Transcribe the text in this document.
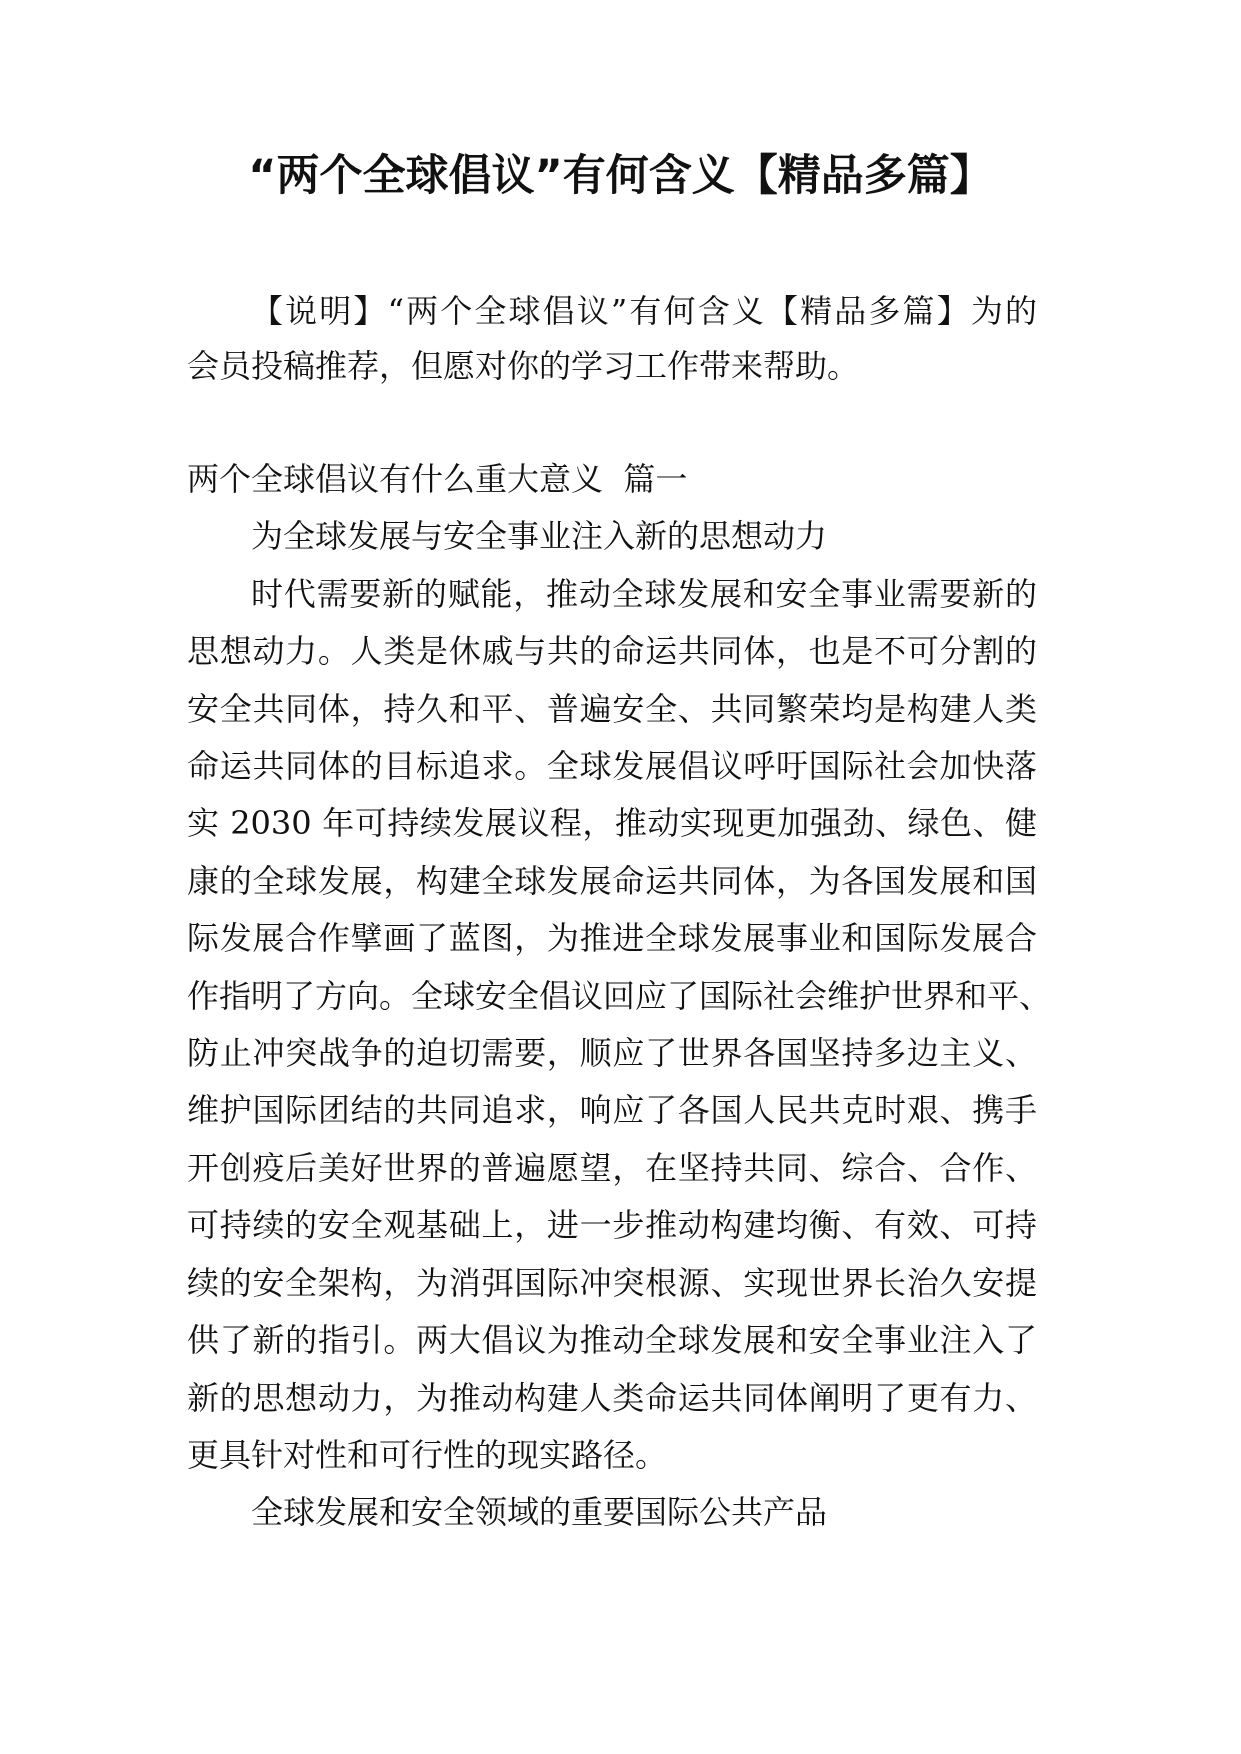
“两个全球倡议”有何含义【精品多篇】
【说明】“两个全球倡议”有何含义【精品多篇】为的
会员投稿推荐，但愿对你的学习工作带来帮助。
两个全球倡议有什么重大意义  篇一
为全球发展与安全事业注入新的思想动力
时代需要新的赋能，推动全球发展和安全事业需要新的
思想动力。人类是休戚与共的命运共同体，也是不可分割的
安全共同体，持久和平、普遍安全、共同繁荣均是构建人类
命运共同体的目标追求。全球发展倡议呼吁国际社会加快落
实 2030 年可持续发展议程，推动实现更加强劲、绿色、健
康的全球发展，构建全球发展命运共同体，为各国发展和国
际发展合作擘画了蓝图，为推进全球发展事业和国际发展合
作指明了方向。全球安全倡议回应了国际社会维护世界和平、
防止冲突战争的迫切需要，顺应了世界各国坚持多边主义、
维护国际团结的共同追求，响应了各国人民共克时艰、携手
开创疫后美好世界的普遍愿望，在坚持共同、综合、合作、
可持续的安全观基础上，进一步推动构建均衡、有效、可持
续的安全架构，为消弭国际冲突根源、实现世界长治久安提
供了新的指引。两大倡议为推动全球发展和安全事业注入了
新的思想动力，为推动构建人类命运共同体阐明了更有力、
更具针对性和可行性的现实路径。
全球发展和安全领域的重要国际公共产品
